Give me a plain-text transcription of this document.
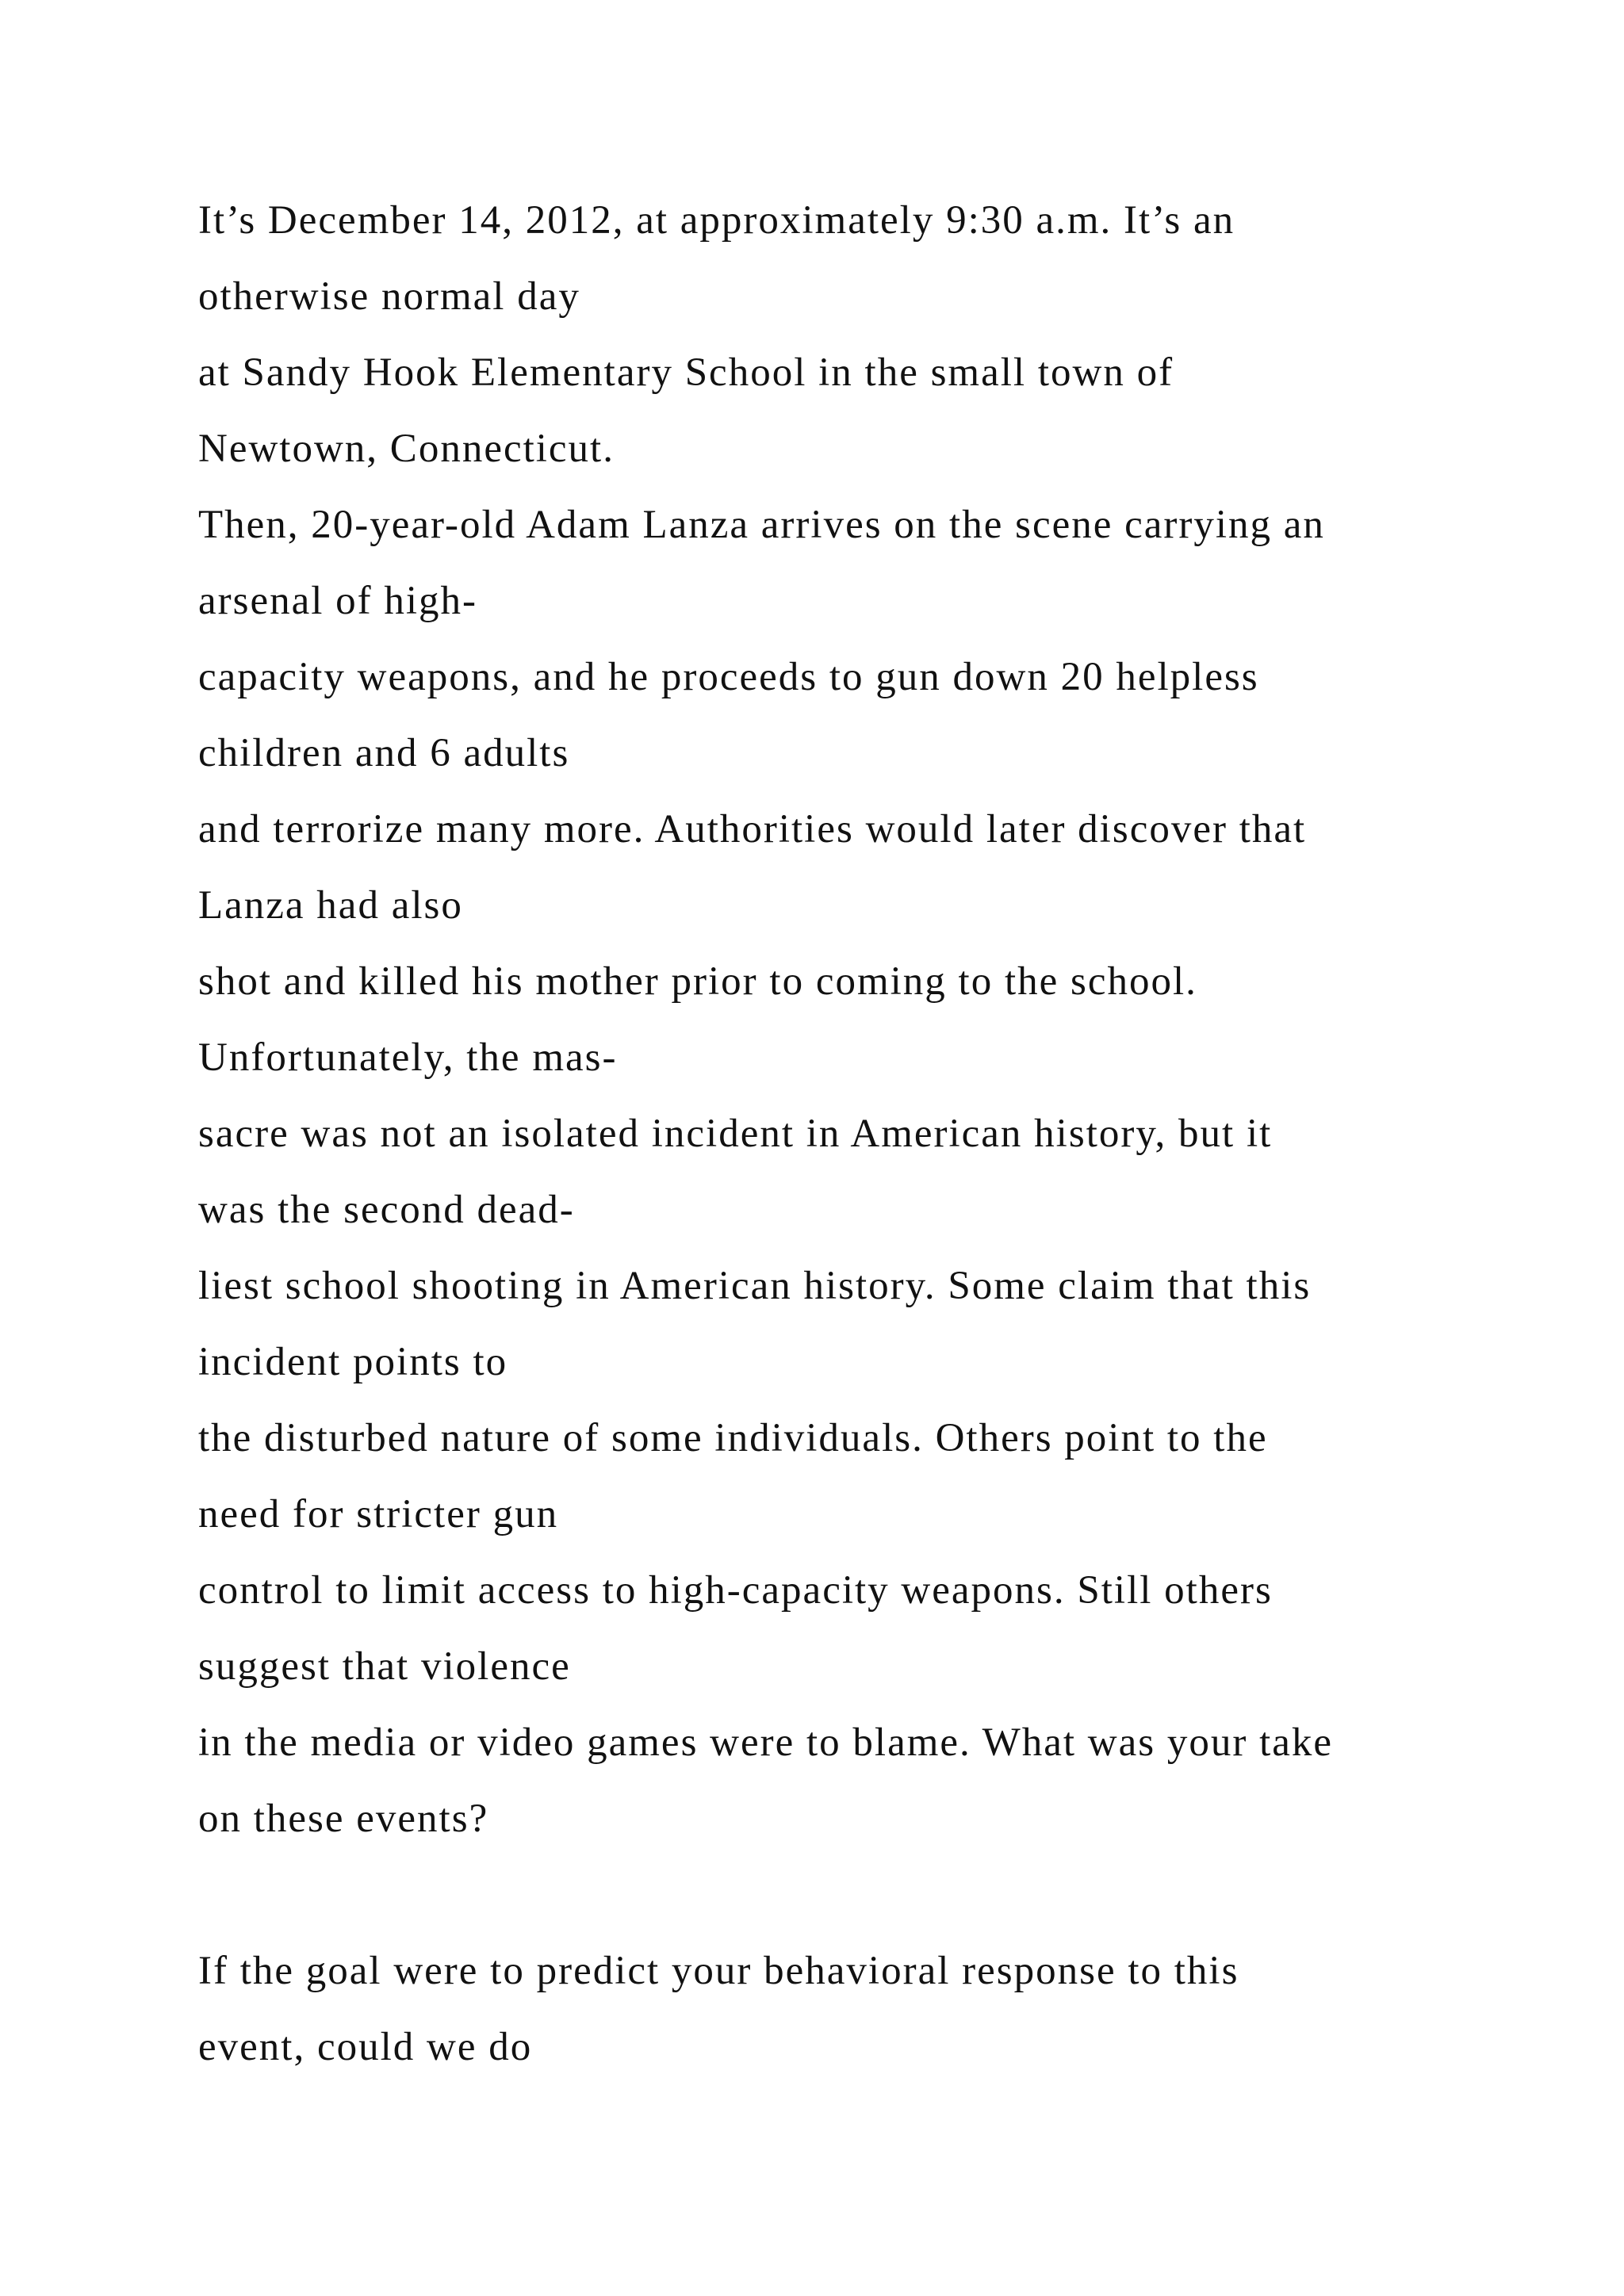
It’s December 14, 2012, at approximately 9:30 a.m. It’s an
otherwise normal day
at Sandy Hook Elementary School in the small town of
Newtown, Connecticut.
Then, 20-year-old Adam Lanza arrives on the scene carrying an
arsenal of high-
capacity weapons, and he proceeds to gun down 20 helpless
children and 6 adults
and terrorize many more. Authorities would later discover that
Lanza had also
shot and killed his mother prior to coming to the school.
Unfortunately, the mas-
sacre was not an isolated incident in American history, but it
was the second dead-
liest school shooting in American history. Some claim that this
incident points to
the disturbed nature of some individuals. Others point to the
need for stricter gun
control to limit access to high-capacity weapons. Still others
suggest that violence
in the media or video games were to blame. What was your take
on these events?
If the goal were to predict your behavioral response to this
event, could we do
